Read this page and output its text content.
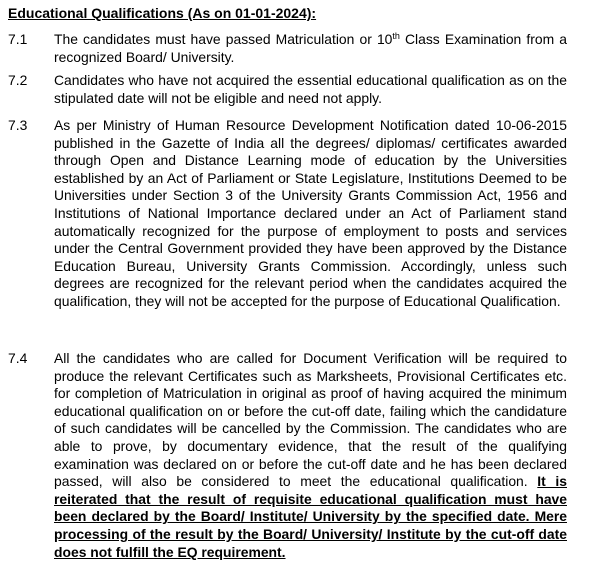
Educational Qualifications (As on 01-01-2024):
7.1 The candidates must have passed Matriculation or 10th Class Examination from a recognized Board/ University.

7.2 Candidates who have not acquired the essential educational qualification as on the stipulated date will not be eligible and need not apply.

7.3 As per Ministry of Human Resource Development Notification dated 10-06-2015 published in the Gazette of India all the degrees/ diplomas/ certificates awarded through Open and Distance Learning mode of education by the Universities established by an Act of Parliament or State Legislature, Institutions Deemed to be Universities under Section 3 of the University Grants Commission Act, 1956 and Institutions of National Importance declared under an Act of Parliament stand automatically recognized for the purpose of employment to posts and services under the Central Government provided they have been approved by the Distance Education Bureau, University Grants Commission. Accordingly, unless such degrees are recognized for the relevant period when the candidates acquired the qualification, they will not be accepted for the purpose of Educational Qualification.

7.4 All the candidates who are called for Document Verification will be required to produce the relevant Certificates such as Marksheets, Provisional Certificates etc. for completion of Matriculation in original as proof of having acquired the minimum educational qualification on or before the cut-off date, failing which the candidature of such candidates will be cancelled by the Commission. The candidates who are able to prove, by documentary evidence, that the result of the qualifying examination was declared on or before the cut-off date and he has been declared passed, will also be considered to meet the educational qualification. It is reiterated that the result of requisite educational qualification must have been declared by the Board/ Institute/ University by the specified date. Mere processing of the result by the Board/ University/ Institute by the cut-off date does not fulfill the EQ requirement.
